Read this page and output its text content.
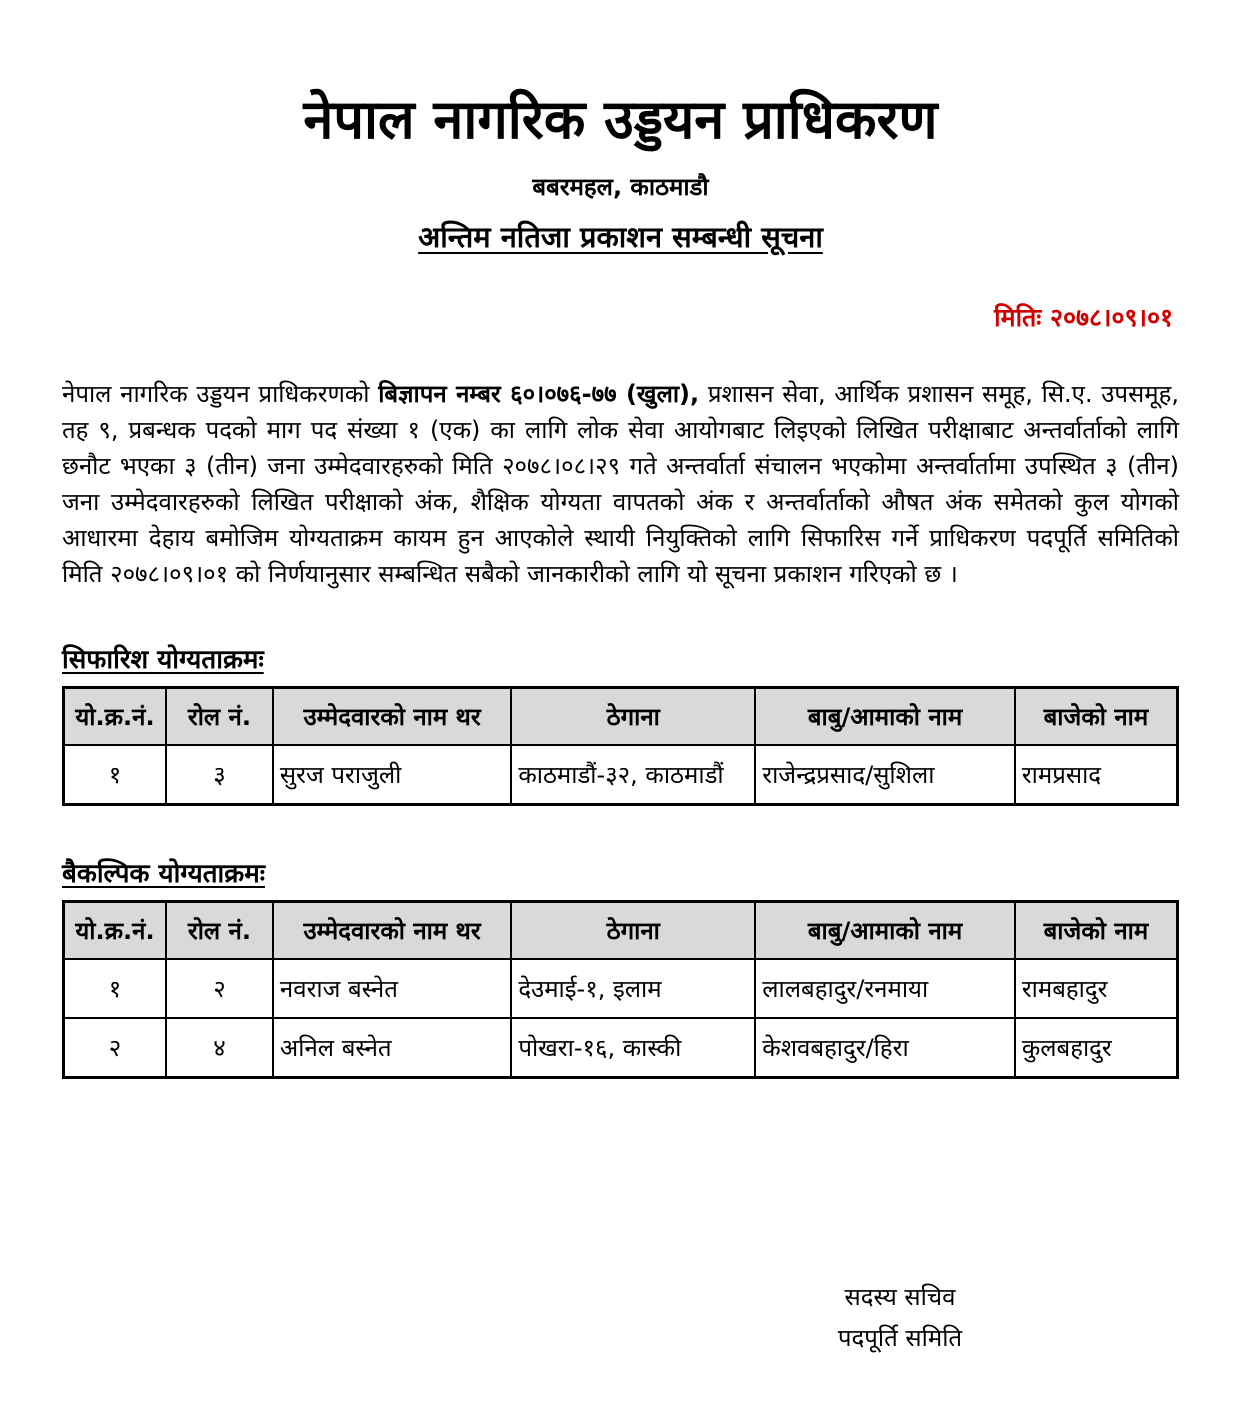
नेपाल नागरिक उड्डयन प्राधिकरण
बबरमहल, काठमाडौ
अन्तिम नतिजा प्रकाशन सम्बन्धी सूचना
मितिः २०७८।०९।०१
नेपाल नागरिक उड्डयन प्राधिकरणको बिज्ञापन नम्बर ६०।०७६-७७ (खुला), प्रशासन सेवा, आर्थिक प्रशासन समूह, सि.ए. उपसमूह, तह ९, प्रबन्धक पदको माग पद संख्या १ (एक) का लागि लोक सेवा आयोगबाट लिइएको लिखित परीक्षाबाट अन्तर्वार्ताको लागि छनौट भएका ३ (तीन) जना उम्मेदवारहरुको मिति २०७८।०८।२९ गते अन्तर्वार्ता संचालन भएकोमा अन्तर्वार्तामा उपस्थित ३ (तीन) जना उम्मेदवारहरुको लिखित परीक्षाको अंक, शैक्षिक योग्यता वापतको अंक र अन्तर्वार्ताको औषत अंक समेतको कुल योगको आधारमा देहाय बमोजिम योग्यताक्रम कायम हुन आएकोले स्थायी नियुक्तिको लागि सिफारिस गर्ने प्राधिकरण पदपूर्ति समितिको मिति २०७८।०९।०१ को निर्णयानुसार सम्बन्धित सबैको जानकारीको लागि यो सूचना प्रकाशन गरिएको छ ।
सिफारिश योग्यताक्रमः
यो.क्र.नं.	रोल नं.	उम्मेदवारको नाम थर	ठेगाना	बाबु/आमाको नाम	बाजेको नाम
१	३	सुरज पराजुली	काठमाडौं-३२, काठमाडौं	राजेन्द्रप्रसाद/सुशिला	रामप्रसाद
बैकल्पिक योग्यताक्रमः
यो.क्र.नं.	रोल नं.	उम्मेदवारको नाम थर	ठेगाना	बाबु/आमाको नाम	बाजेको नाम
१	२	नवराज बस्नेत	देउमाई-१, इलाम	लालबहादुर/रनमाया	रामबहादुर
२	४	अनिल बस्नेत	पोखरा-१६, कास्की	केशवबहादुर/हिरा	कुलबहादुर
सदस्य सचिव
पदपूर्ति समिति
